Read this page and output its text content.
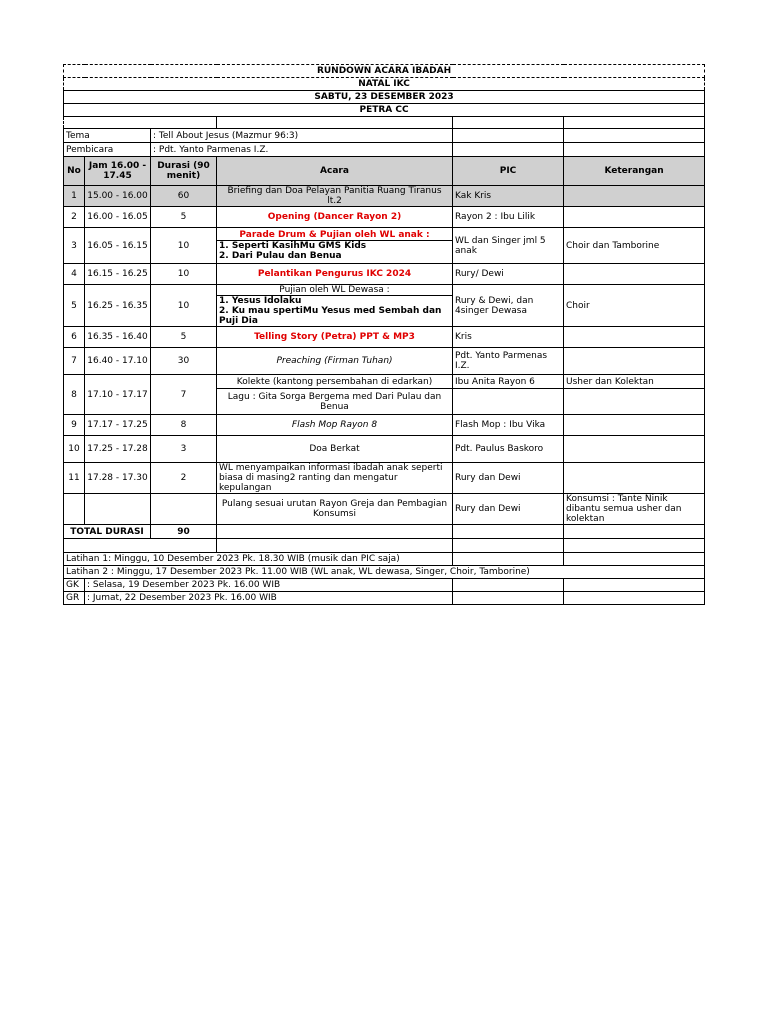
RUNDOWN ACARA IBADAH					
NATAL IKC					
SABTU, 23 DESEMBER 2023					
PETRA CC					

Tema		: Tell About Jesus (Mazmur 96:3)			
Pembicara		: Pdt. Yanto Parmenas I.Z.			
No	Jam 16.00 - 17.45	Durasi (90 menit)	Acara	PIC	Keterangan
1	15.00 - 16.00	60	Briefing dan Doa Pelayan Panitia Ruang Tiranus lt.2	Kak Kris	
2	16.00 - 16.05	5	Opening (Dancer Rayon 2)	Rayon 2 : Ibu Lilik	
3	16.05 - 16.15	10	Parade Drum & Pujian oleh WL anak :
1. Seperti KasihMu GMS Kids
2. Dari Pulau dan Benua	WL dan Singer jml 5 anak	Choir dan Tamborine
4	16.15 - 16.25	10	Pelantikan Pengurus IKC 2024	Rury/ Dewi	
5	16.25 - 16.35	10	Pujian oleh WL Dewasa :
1. Yesus Idolaku
2. Ku mau spertiMu Yesus med Sembah dan Puji Dia	Rury & Dewi, dan 4singer Dewasa	Choir
6	16.35 - 16.40	5	Telling Story (Petra) PPT & MP3	Kris	
7	16.40 - 17.10	30	Preaching (Firman Tuhan)	Pdt. Yanto Parmenas I.Z.	
8	17.10 - 17.17	7	Kolekte (kantong persembahan di edarkan)	Ibu Anita Rayon 6	Usher dan Kolektan
			Lagu : Gita Sorga Bergema med Dari Pulau dan Benua		
9	17.17 - 17.25	8	Flash Mop Rayon 8	Flash Mop : Ibu Vika	
10	17.25 - 17.28	3	Doa Berkat	Pdt. Paulus Baskoro	
11	17.28 - 17.30	2	WL menyampaikan informasi ibadah anak seperti biasa di masing2 ranting dan mengatur kepulangan	Rury dan Dewi	
			Pulang sesuai urutan Rayon Greja dan Pembagian Konsumsi	Rury dan Dewi	Konsumsi : Tante Ninik dibantu semua usher dan kolektan
TOTAL DURASI		90			

Latihan 1: Minggu, 10 Desember 2023 Pk. 18.30 WIB (musik dan PIC saja)					
Latihan 2 : Minggu, 17 Desember 2023 Pk. 11.00 WIB (WL anak, WL dewasa, Singer, Choir, Tamborine)					
GK	: Selasa, 19 Desember 2023 Pk. 16.00 WIB				
GR	: Jumat, 22 Desember 2023 Pk. 16.00 WIB				
